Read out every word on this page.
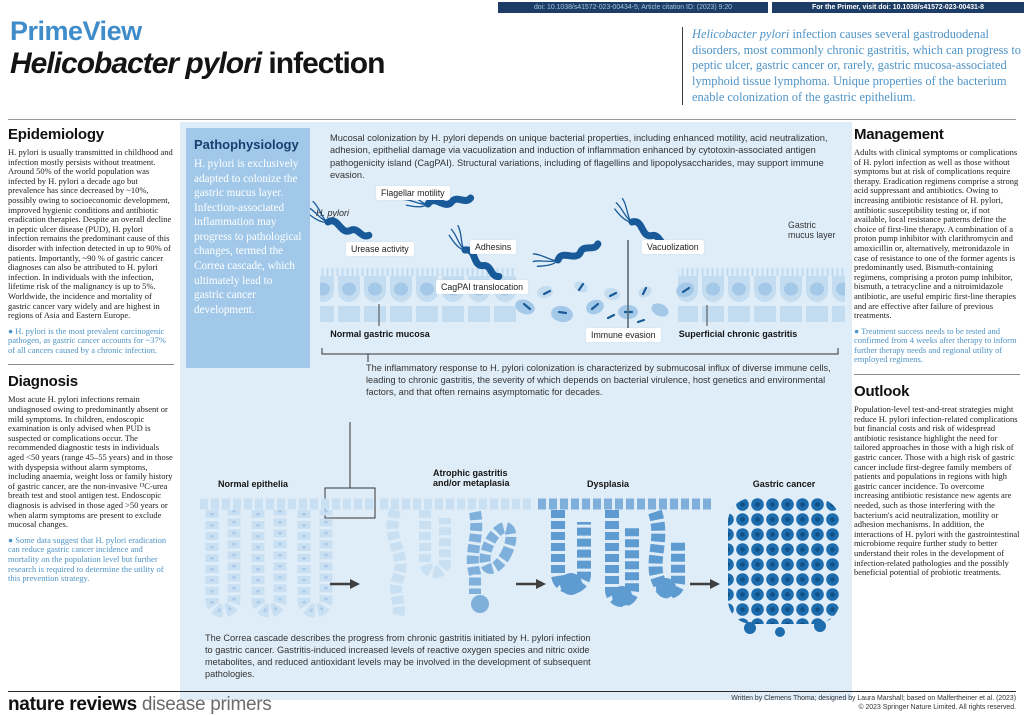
doi: 10.1038/s41572-023-00434-5; Article citation ID: (2023) 9:20	For the Primer, visit doi: 10.1038/s41572-023-00431-8
PrimeView
Helicobacter pylori infection
Helicobacter pylori infection causes several gastroduodenal disorders, most commonly chronic gastritis, which can progress to peptic ulcer, gastric cancer or, rarely, gastric mucosa-associated lymphoid tissue lymphoma. Unique properties of the bacterium enable colonization of the gastric epithelium.
Epidemiology
H. pylori is usually transmitted in childhood and infection mostly persists without treatment. Around 50% of the world population was infected by H. pylori a decade ago but prevalence has since decreased by ~10%, possibly owing to socioeconomic development, improved hygienic conditions and antibiotic eradication therapies. Despite an overall decline in peptic ulcer disease (PUD), H. pylori infection remains the predominant cause of this disorder with infection detected in up to 90% of patients. Importantly, ~90 % of gastric cancer diagnoses can also be attributed to H. pylori infection. In individuals with the infection, lifetime risk of the malignancy is up to 5%. Worldwide, the incidence and mortality of gastric cancer vary widely and are highest in regions of Asia and Eastern Europe.
● H. pylori is the most prevalent carcinogenic pathogen, as gastric cancer accounts for ~37% of all cancers caused by a chronic infection.
Diagnosis
Most acute H. pylori infections remain undiagnosed owing to predominantly absent or mild symptoms. In children, endoscopic examination is only advised when PUD is suspected or complications occur. The recommended diagnostic tests in individuals aged <50 years (range 45–55 years) and in those with dyspepsia without alarm symptoms, including anaemia, weight loss or family history of gastric cancer, are the non-invasive ¹³C-urea breath test and stool antigen test. Endoscopic diagnosis is advised in those aged >50 years or when alarm symptoms are present to exclude mucosal changes.
● Some data suggest that H. pylori eradication can reduce gastric cancer incidence and mortality on the population level but further research is required to determine the utility of this prevention strategy.
Management
Adults with clinical symptoms or complications of H. pylori infection as well as those without symptoms but at risk of complications require therapy. Eradication regimens comprise a strong acid suppressant and antibiotics. Owing to increasing antibiotic resistance of H. pylori, antibiotic susceptibility testing or, if not available, local resistance patterns define the choice of first-line therapy. A combination of a proton pump inhibitor with clarithromycin and amoxicillin or, alternatively, metronidazole in case of resistance to one of the former agents is predominantly used. Bismuth-containing regimens, comprising a proton pump inhibitor, bismuth, a tetracycline and a nitroimidazole antibiotic, are useful empiric first-line therapies and are effective after failure of previous treatments.
● Treatment success needs to be tested and confirmed from 4 weeks after therapy to inform further therapy needs and regional utility of employed regimens.
Outlook
Population-level test-and-treat strategies might reduce H. pylori infection-related complications but financial costs and risk of widespread antibiotic resistance highlight the need for tailored approaches in those with a high risk of gastric cancer. Those with a high risk of gastric cancer include first-degree family members of patients and populations in regions with high gastric cancer incidence. To overcome increasing antibiotic resistance new agents are needed, such as those interfering with the bacterium's acid neutralization, motility or adhesion mechanisms. In addition, the interactions of H. pylori with the gastrointestinal microbiome require further study to better understand their roles in the development of infection-related pathologies and the possibly beneficial potential of probiotic treatments.
Pathophysiology
H. pylori is exclusively adapted to colonize the gastric mucus layer. Infection-associated inflammation may progress to pathological changes, termed the Correa cascade, which ultimately lead to gastric cancer development.
Mucosal colonization by H. pylori depends on unique bacterial properties, including enhanced motility, acid neutralization, adhesion, epithelial damage via vacuolization and induction of inflammation enhanced by cytotoxin-associated antigen pathogenicity island (CagPAI). Structural variations, including of flagellins and lipopolysaccharides, may support immune evasion.
H. pylori
Flagellar motility
Urease activity	Adhesins
CagPAI translocation
Vacuolization
Gastric mucus layer
Normal gastric mucosa	Immune evasion	Superficial chronic gastritis
The inflammatory response to H. pylori colonization is characterized by submucosal influx of diverse immune cells, leading to chronic gastritis, the severity of which depends on bacterial virulence, host genetics and environmental factors, and that often remains asymptomatic for decades.
Normal epithelia
Atrophic gastritis and/or metaplasia	Dysplasia	Gastric cancer
The Correa cascade describes the progress from chronic gastritis initiated by H. pylori infection to gastric cancer. Gastritis-induced increased levels of reactive oxygen species and nitric oxide metabolites, and reduced antioxidant levels may be involved in the development of subsequent pathologies.
nature reviews disease primers	Written by Clemens Thoma; designed by Laura Marshall; based on Malfertheiner et al. (2023)
© 2023 Springer Nature Limited. All rights reserved.
